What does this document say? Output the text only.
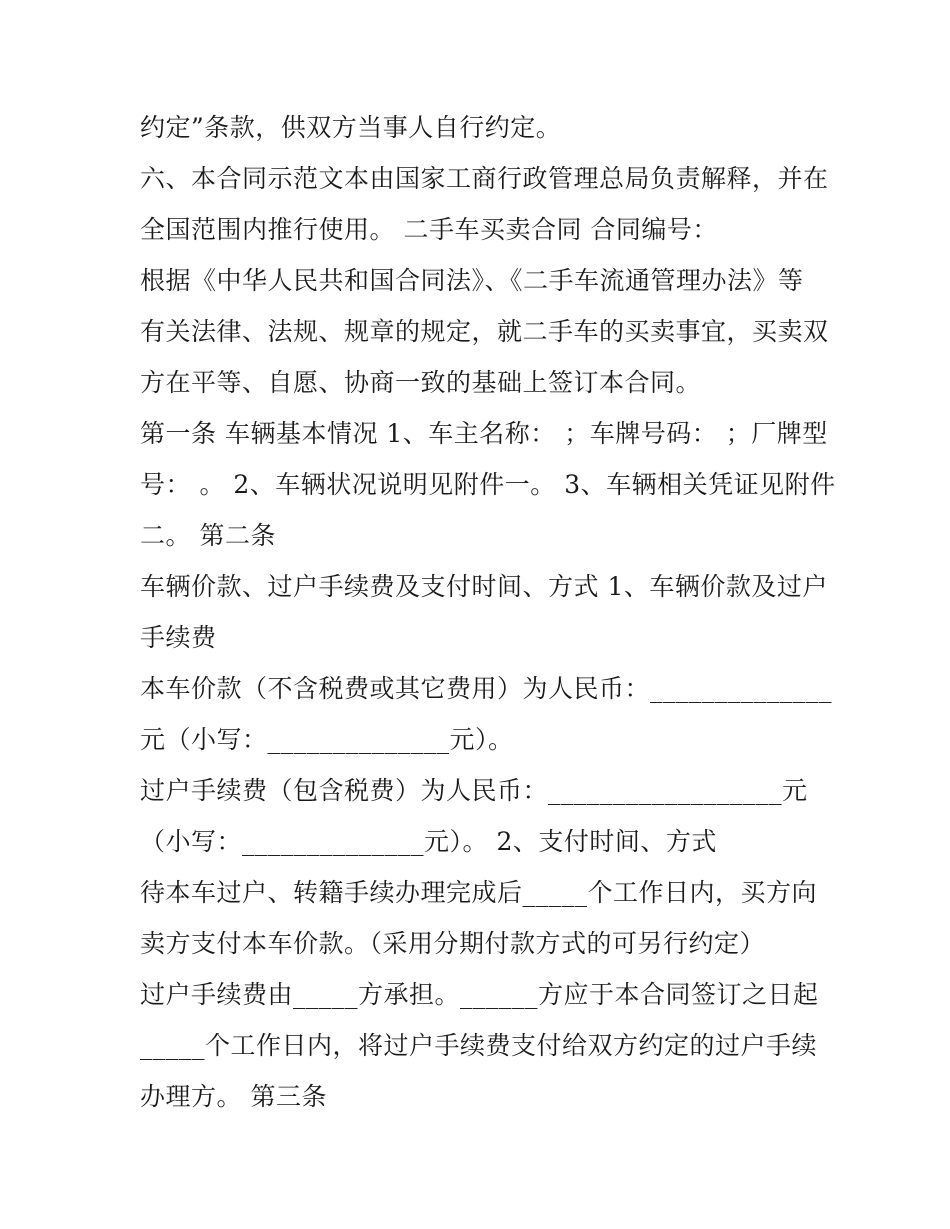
约定”条款，供双方当事人自行约定。
六、本合同示范文本由国家工商行政管理总局负责解释，并在
全国范围内推行使用。 二手车买卖合同 合同编号：
根据《中华人民共和国合同法》、《二手车流通管理办法》等
有关法律、法规、规章的规定，就二手车的买卖事宜，买卖双
方在平等、自愿、协商一致的基础上签订本合同。
第一条 车辆基本情况 1、车主名称： ；车牌号码： ；厂牌型
号： 。 2、车辆状况说明见附件一。 3、车辆相关凭证见附件
二。 第二条
车辆价款、过户手续费及支付时间、方式 1、车辆价款及过户
手续费
本车价款（不含税费或其它费用）为人民币：______________
元（小写：______________元）。
过户手续费（包含税费）为人民币：__________________元
（小写：______________元）。 2、支付时间、方式
待本车过户、转籍手续办理完成后_____个工作日内，买方向
卖方支付本车价款。（采用分期付款方式的可另行约定）
过户手续费由_____方承担。______方应于本合同签订之日起
_____个工作日内，将过户手续费支付给双方约定的过户手续
办理方。 第三条
